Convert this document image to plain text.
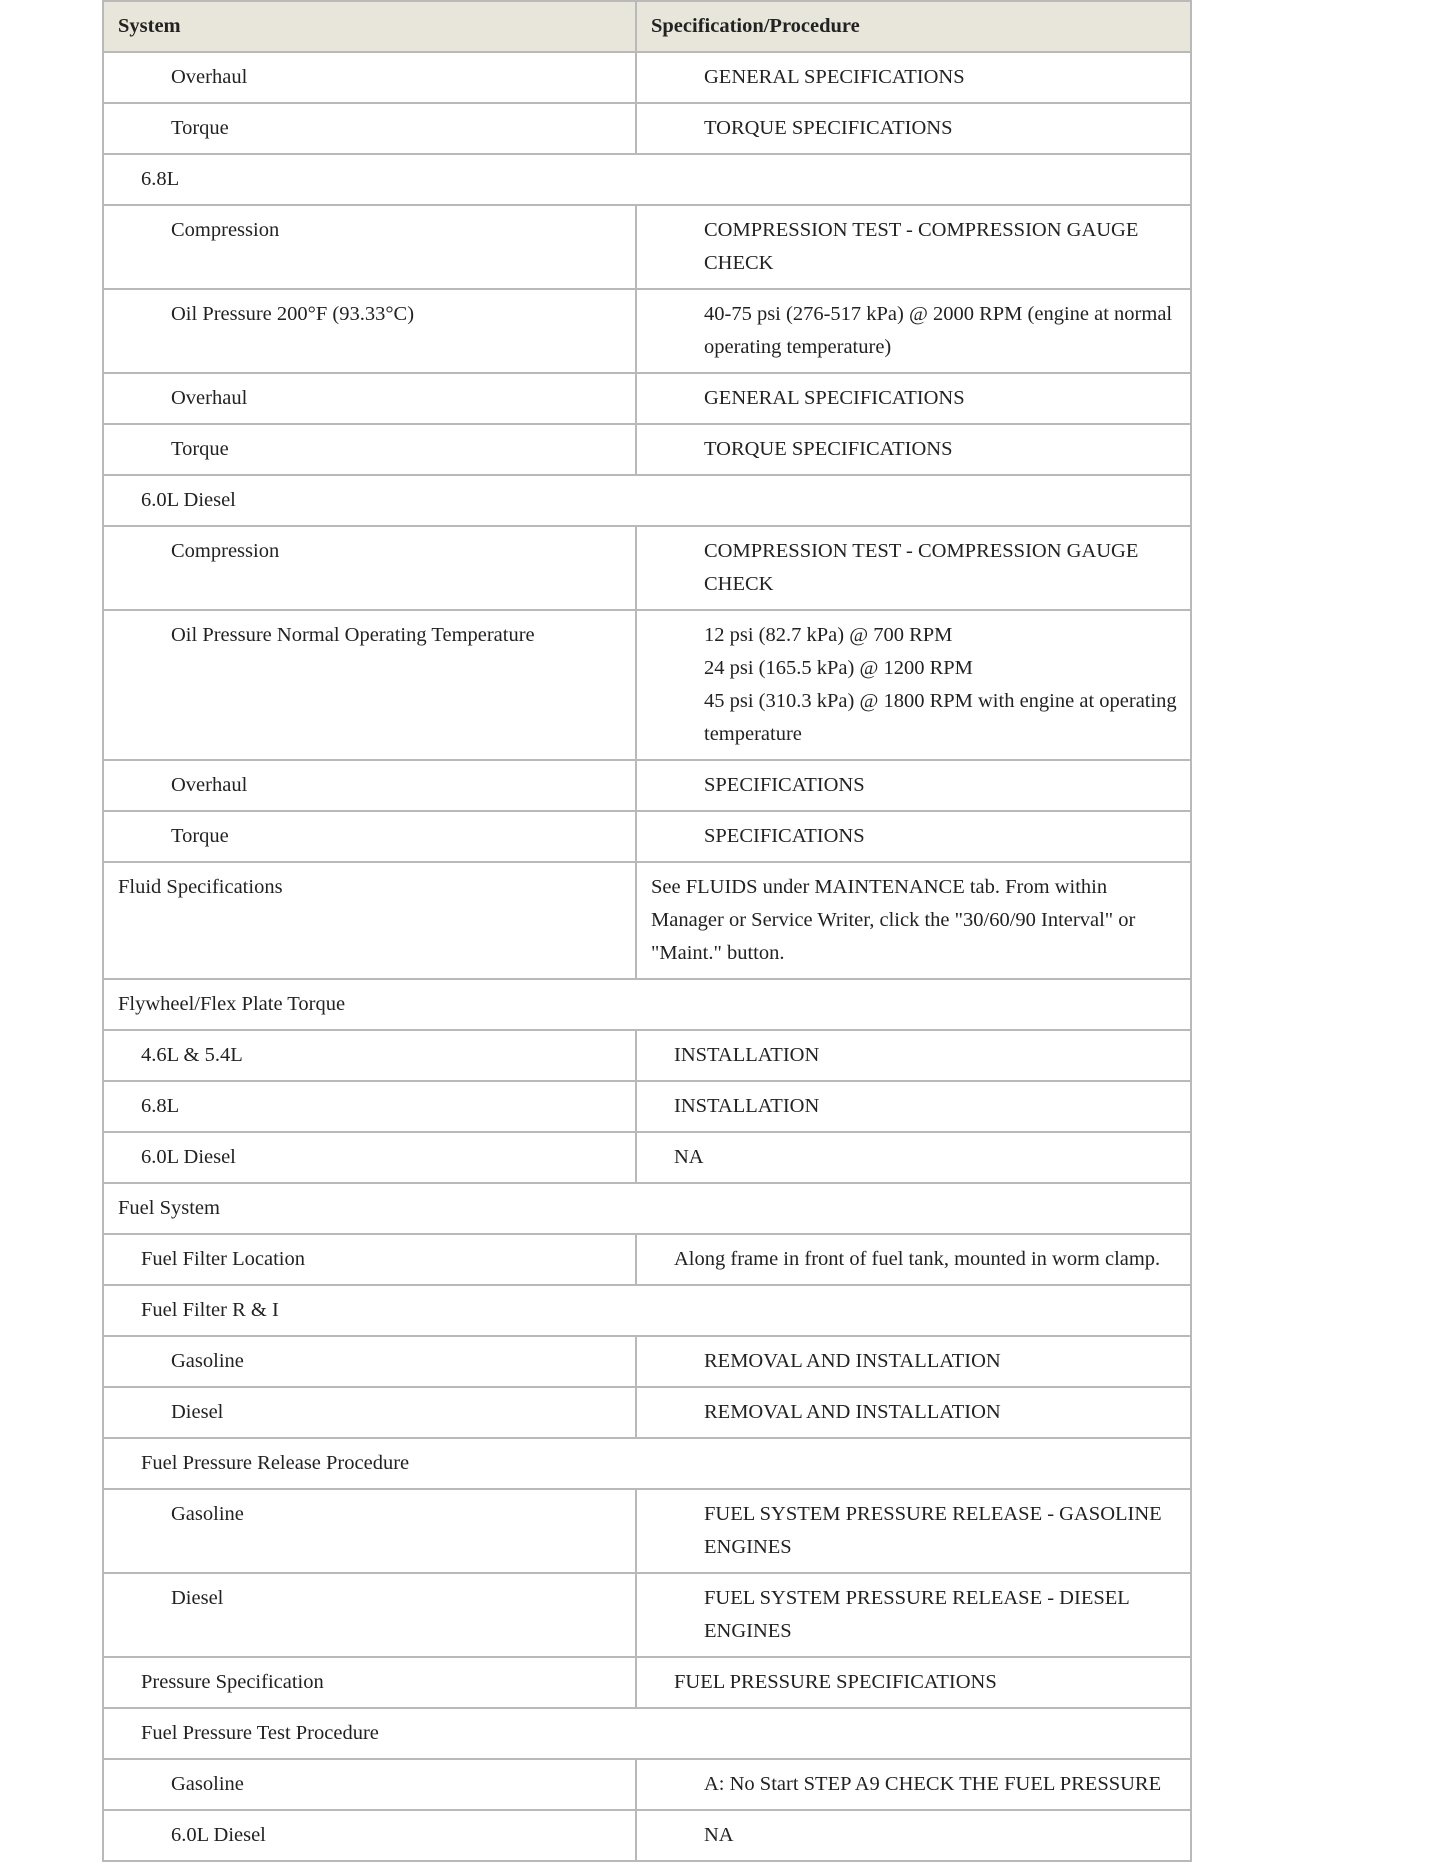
System	Specification/Procedure
Overhaul	GENERAL SPECIFICATIONS
Torque	TORQUE SPECIFICATIONS
6.8L	
Compression	COMPRESSION TEST - COMPRESSION GAUGE CHECK
Oil Pressure 200°F (93.33°C)	40-75 psi (276-517 kPa) @ 2000 RPM (engine at normal operating temperature)
Overhaul	GENERAL SPECIFICATIONS
Torque	TORQUE SPECIFICATIONS
6.0L Diesel	
Compression	COMPRESSION TEST - COMPRESSION GAUGE CHECK
Oil Pressure Normal Operating Temperature	12 psi (82.7 kPa) @ 700 RPM
24 psi (165.5 kPa) @ 1200 RPM
45 psi (310.3 kPa) @ 1800 RPM with engine at operating temperature

Overhaul	SPECIFICATIONS
Torque	SPECIFICATIONS
Fluid Specifications	See FLUIDS under MAINTENANCE tab. From within Manager or Service Writer, click the "30/60/90 Interval" or "Maint." button.
Flywheel/Flex Plate Torque	
4.6L & 5.4L	INSTALLATION
6.8L	INSTALLATION
6.0L Diesel	NA
Fuel System	
Fuel Filter Location	Along frame in front of fuel tank, mounted in worm clamp.
Fuel Filter R & I	
Gasoline	REMOVAL AND INSTALLATION
Diesel	REMOVAL AND INSTALLATION
Fuel Pressure Release Procedure	
Gasoline	FUEL SYSTEM PRESSURE RELEASE - GASOLINE ENGINES
Diesel	FUEL SYSTEM PRESSURE RELEASE - DIESEL ENGINES
Pressure Specification	FUEL PRESSURE SPECIFICATIONS
Fuel Pressure Test Procedure	
Gasoline	A: No Start STEP A9 CHECK THE FUEL PRESSURE
6.0L Diesel	NA
